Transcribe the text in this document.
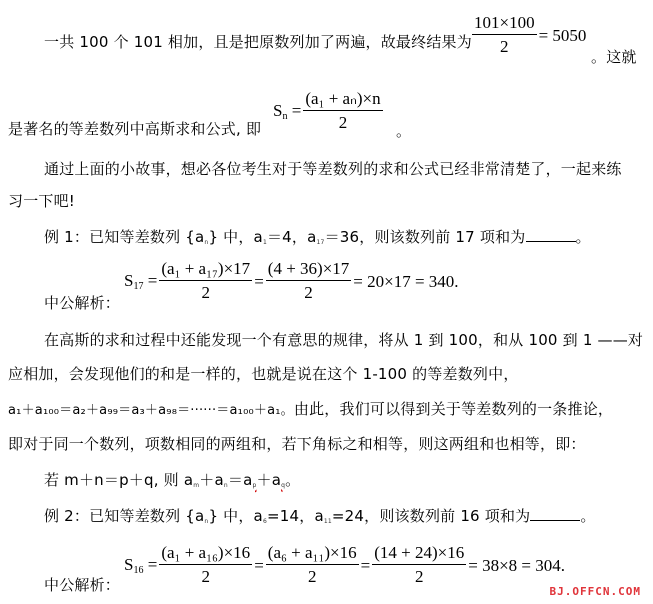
一共 100 个 101 相加，且是把原数列加了两遍，故最终结果为 $\frac{101\times 100}{2} = 5050$
。这就
是著名的等差数列中高斯求和公式, 即
$S_n = \frac{\text{(a₁ + aₙ)×n}}{2}$ 。
通过上面的小故事，想必各位考生对于等差数列的求和公式已经非常清楚了，一起来练
习一下吧!
例 1：已知等差数列 $\{a_n\}$ 中，$a_1=4$，$a_{17}=36$，则该数列前 17 项和为	。
中公解析：
$S_{17} = \frac{\text{(a₁ + a₁₇)×17}}{2} = \frac{(4 + 36)\times 17}{2} = 20\times 17 = 340$.
在高斯的求和过程中还能发现一个有意思的规律，将从 1 到 100，和从 100 到 1 ——对
应相加，会发现他们的和是一样的，也就是说在这个 1-100 的等差数列中，
a₁＋a₁₀₀＝a₂＋a₉₉＝a₃＋a₉₈＝······＝a₁₀₀＋a₁。由此，我们可以得到关于等差数列的一条推论，
即对于同一个数列，项数相同的两组和，若下角标之和相等，则这两组和也相等，即：
若 m＋n＝p＋q, 则 $a_m+a_n=a_p+a_q$。
例 2：已知等差数列 $\{a_n\}$ 中，$a_6=14$，$a_{11}=24$，则该数列前 16 项和为	。
中公解析：
$S_{16} = \frac{\text{(a₁ + a₁₆)×16}}{2} = \frac{\text{(a₆ + a₁₁)×16}}{2} = \frac{(14 + 24)\times 16}{2} = 38\times 8 = 304$.
BJ.OFFCN.COM
